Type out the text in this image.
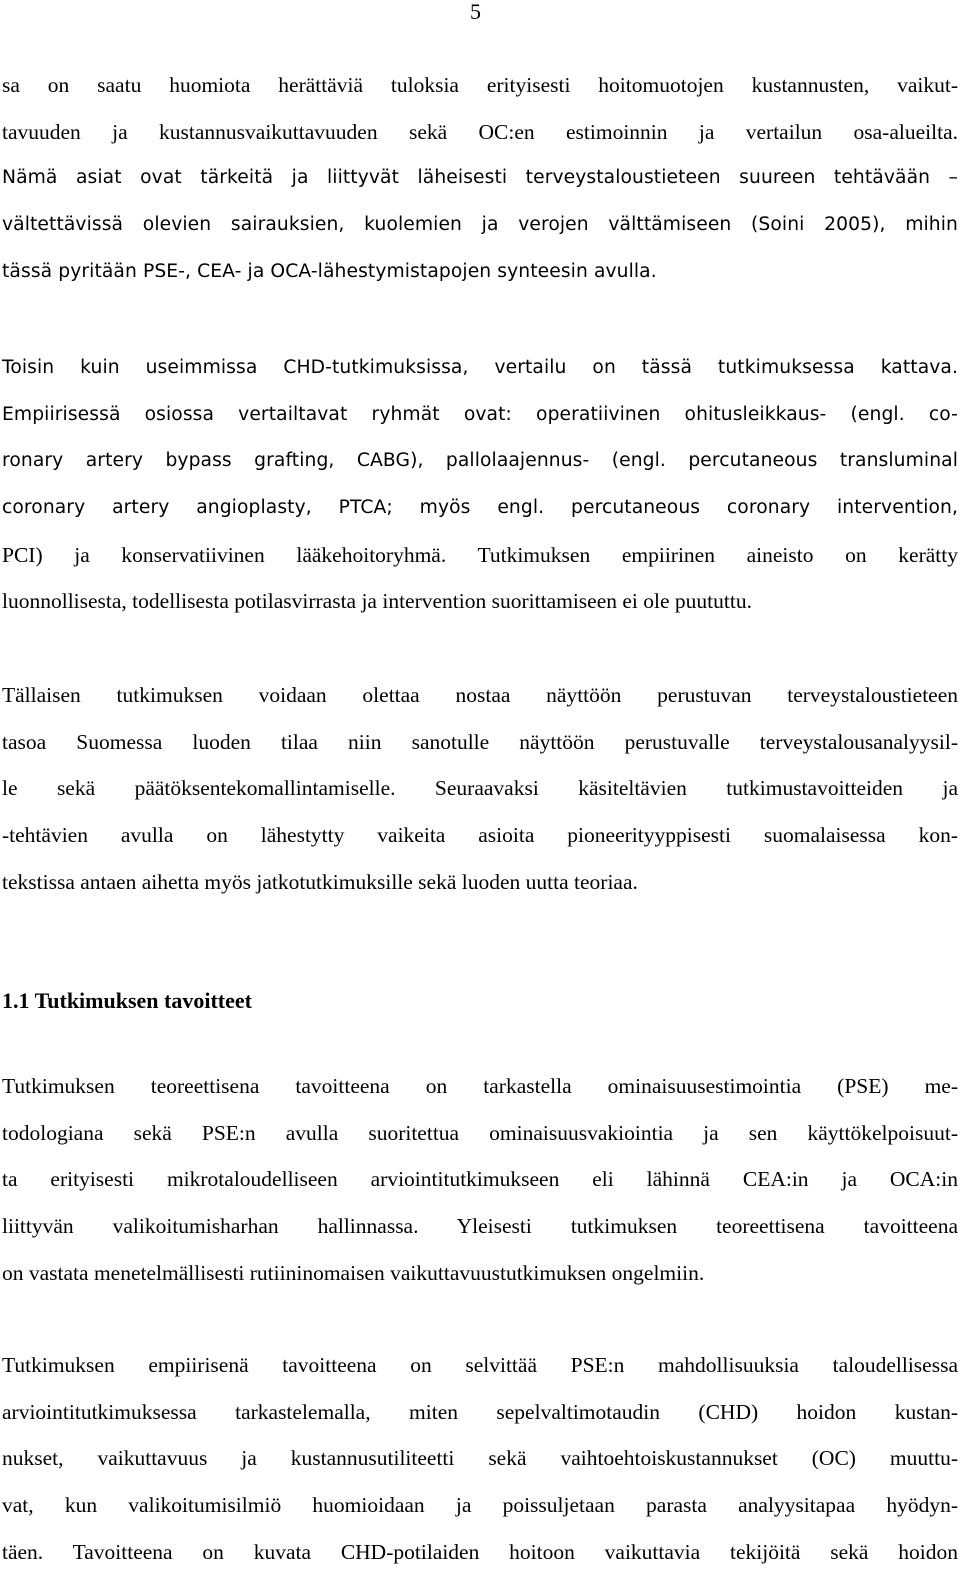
5
sa on saatu huomiota herättäviä tuloksia erityisesti hoitomuotojen kustannusten, vaikut-
tavuuden ja kustannusvaikuttavuuden sekä OC:en estimoinnin ja vertailun osa-alueilta.
Nämä asiat ovat tärkeitä ja liittyvät läheisesti terveystaloustieteen suureen tehtävään –
vältettävissä olevien sairauksien, kuolemien ja verojen välttämiseen (Soini 2005), mihin
tässä pyritään PSE-, CEA- ja OCA-lähestymistapojen synteesin avulla.
Toisin kuin useimmissa CHD-tutkimuksissa, vertailu on tässä tutkimuksessa kattava.
Empiirisessä osiossa vertailtavat ryhmät ovat: operatiivinen ohitusleikkaus- (engl. co-
ronary artery bypass grafting, CABG), pallolaajennus- (engl. percutaneous transluminal
coronary artery angioplasty, PTCA; myös engl. percutaneous coronary intervention,
PCI) ja konservatiivinen lääkehoitoryhmä. Tutkimuksen empiirinen aineisto on kerätty
luonnollisesta, todellisesta potilasvirrasta ja intervention suorittamiseen ei ole puututtu.
Tällaisen tutkimuksen voidaan olettaa nostaa näyttöön perustuvan terveystaloustieteen
tasoa Suomessa luoden tilaa niin sanotulle näyttöön perustuvalle terveystalousanalyysil-
le sekä päätöksentekomallintamiselle. Seuraavaksi käsiteltävien tutkimustavoitteiden ja
-tehtävien avulla on lähestytty vaikeita asioita pioneerityyppisesti suomalaisessa kon-
tekstissa antaen aihetta myös jatkotutkimuksille sekä luoden uutta teoriaa.
1.1 Tutkimuksen tavoitteet
Tutkimuksen teoreettisena tavoitteena on tarkastella ominaisuusestimointia (PSE) me-
todologiana sekä PSE:n avulla suoritettua ominaisuusvakiointia ja sen käyttökelpoisuut-
ta erityisesti mikrotaloudelliseen arviointitutkimukseen eli lähinnä CEA:in ja OCA:in
liittyvän valikoitumisharhan hallinnassa. Yleisesti tutkimuksen teoreettisena tavoitteena
on vastata menetelmällisesti rutiininomaisen vaikuttavuustutkimuksen ongelmiin.
Tutkimuksen empiirisenä tavoitteena on selvittää PSE:n mahdollisuuksia taloudellisessa
arviointitutkimuksessa tarkastelemalla, miten sepelvaltimotaudin (CHD) hoidon kustan-
nukset, vaikuttavuus ja kustannusutiliteetti sekä vaihtoehtoiskustannukset (OC) muuttu-
vat, kun valikoitumisilmiö huomioidaan ja poissuljetaan parasta analyysitapaa hyödyn-
täen. Tavoitteena on kuvata CHD-potilaiden hoitoon vaikuttavia tekijöitä sekä hoidon
